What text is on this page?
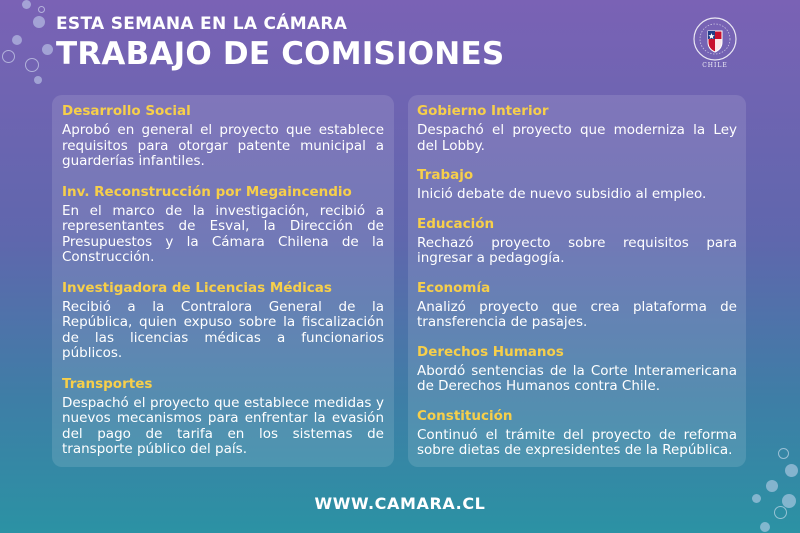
ESTA SEMANA EN LA CÁMARA
TRABAJO DE COMISIONES	CHILE
Desarrollo Social
Aprobó en general el proyecto que establece requisitos para otorgar patente municipal a guarderías infantiles.
Inv. Reconstrucción por Megaincendio
En el marco de la investigación, recibió a representantes de Esval, la Dirección de Presupuestos y la Cámara Chilena de la Construcción.
Investigadora de Licencias Médicas
Recibió a la Contralora General de la República, quien expuso sobre la fiscalización de las licencias médicas a funcionarios públicos.
Transportes
Despachó el proyecto que establece medidas y nuevos mecanismos para enfrentar la evasión del pago de tarifa en los sistemas de transporte público del país.
Gobierno Interior
Despachó el proyecto que moderniza la Ley del Lobby.
Trabajo
Inició debate de nuevo subsidio al empleo.
Educación
Rechazó proyecto sobre requisitos para ingresar a pedagogía.
Economía
Analizó proyecto que crea plataforma de transferencia de pasajes.
Derechos Humanos
Abordó sentencias de la Corte Interamericana de Derechos Humanos contra Chile.
Constitución
Continuó el trámite del proyecto de reforma sobre dietas de expresidentes de la República.
WWW.CAMARA.CL
